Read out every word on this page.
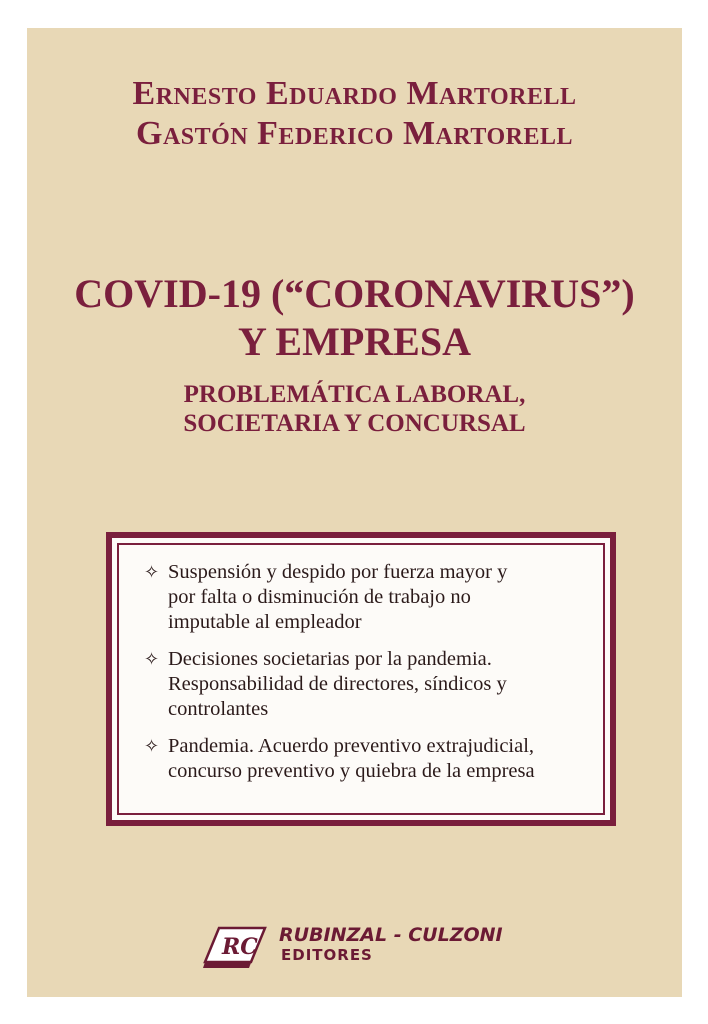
Ernesto Eduardo Martorell
Gastón Federico Martorell
COVID-19 (“CORONAVIRUS”)
Y EMPRESA
PROBLEMÁTICA LABORAL,
SOCIETARIA Y CONCURSAL
✧ Suspensión y despido por fuerza mayor y
por falta o disminución de trabajo no
imputable al empleador
✧ Decisiones societarias por la pandemia.
Responsabilidad de directores, síndicos y
controlantes
✧ Pandemia. Acuerdo preventivo extrajudicial,
concurso preventivo y quiebra de la empresa
RC RUBINZAL - CULZONI
EDITORES
